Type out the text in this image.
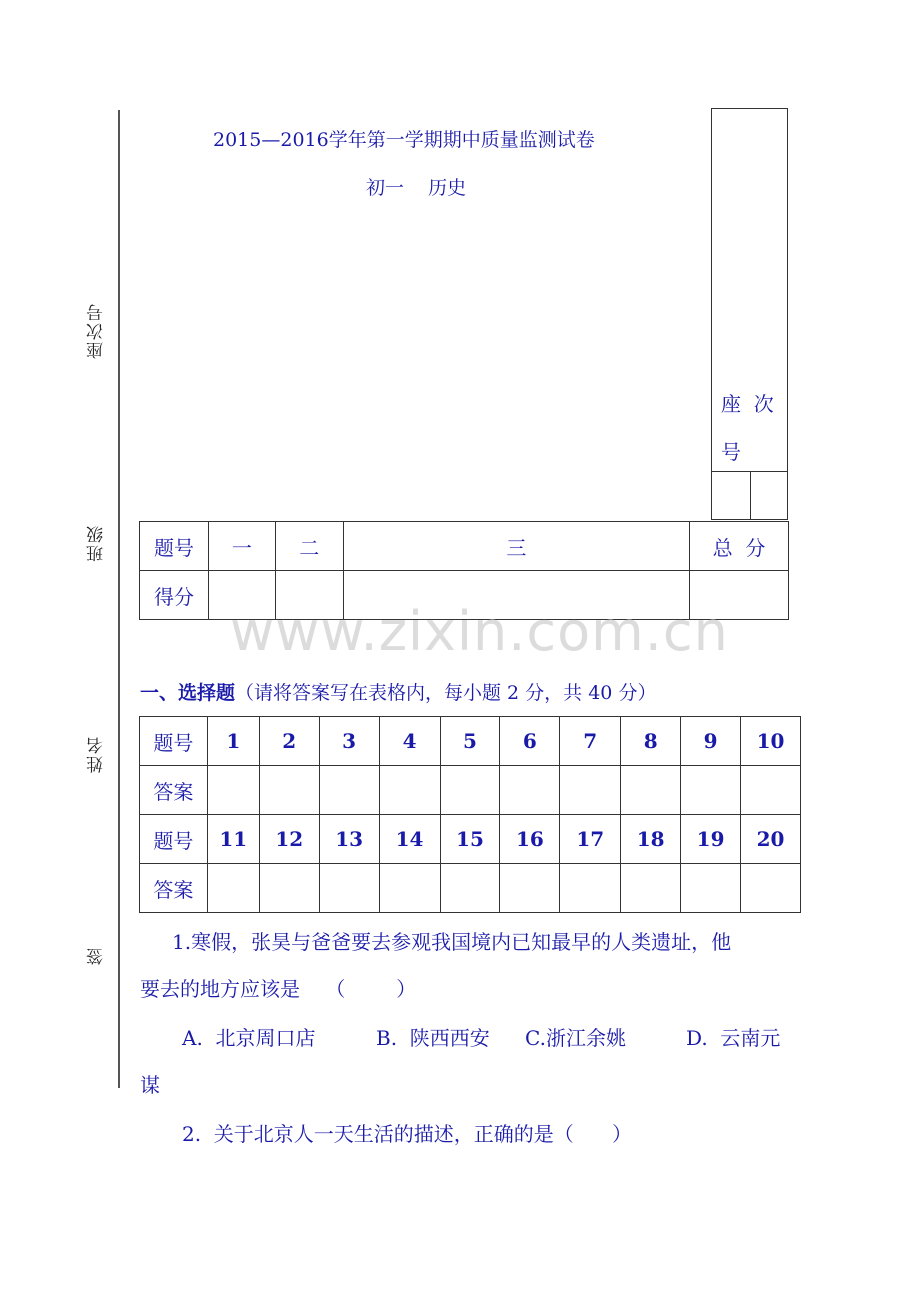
座次号
班级
姓名
签
2015—2016学年第一学期期中质量监测试卷
初一    历史
座  次
号
题号	一	二	三	总  分
得分				
www.zixin.com.cn
一、选择题（请将答案写在表格内，每小题 2 分，共 40 分）
题号	1	2	3	4	5	6	7	8	9	10
答案										
题号	11	12	13	14	15	16	17	18	19	20
答案										
1.寒假，张昊与爸爸要去参观我国境内已知最早的人类遗址，他
要去的地方应该是    （        ）
A.  北京周口店	B.  陕西西安 C.浙江余姚	D.  云南元
谋
2.  关于北京人一天生活的描述，正确的是（      ）
